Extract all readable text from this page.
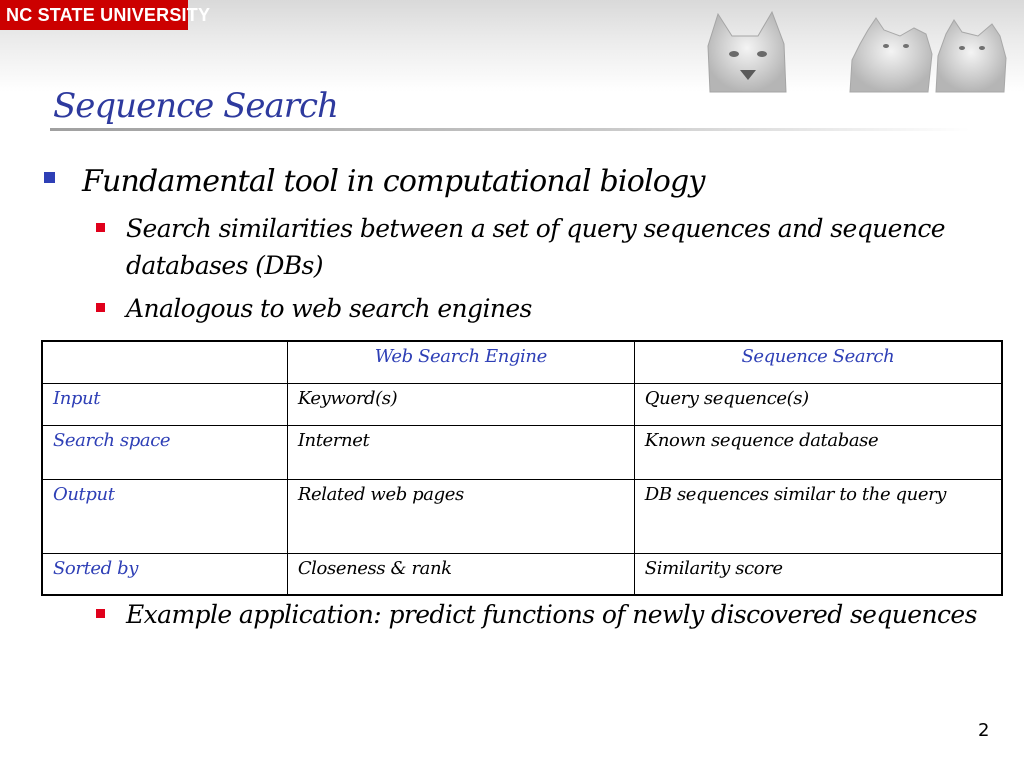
NC STATE UNIVERSITY
Sequence Search
Fundamental tool in computational biology
Search similarities between a set of query sequences and sequence
databases (DBs)
Analogous to web search engines
	Web Search Engine	Sequence Search
Input	Keyword(s)	Query sequence(s)
Search space	Internet	Known sequence database
Output	Related web pages	DB sequences similar to the query
Sorted by	Closeness & rank	Similarity score
Example application: predict functions of newly discovered sequences
2
